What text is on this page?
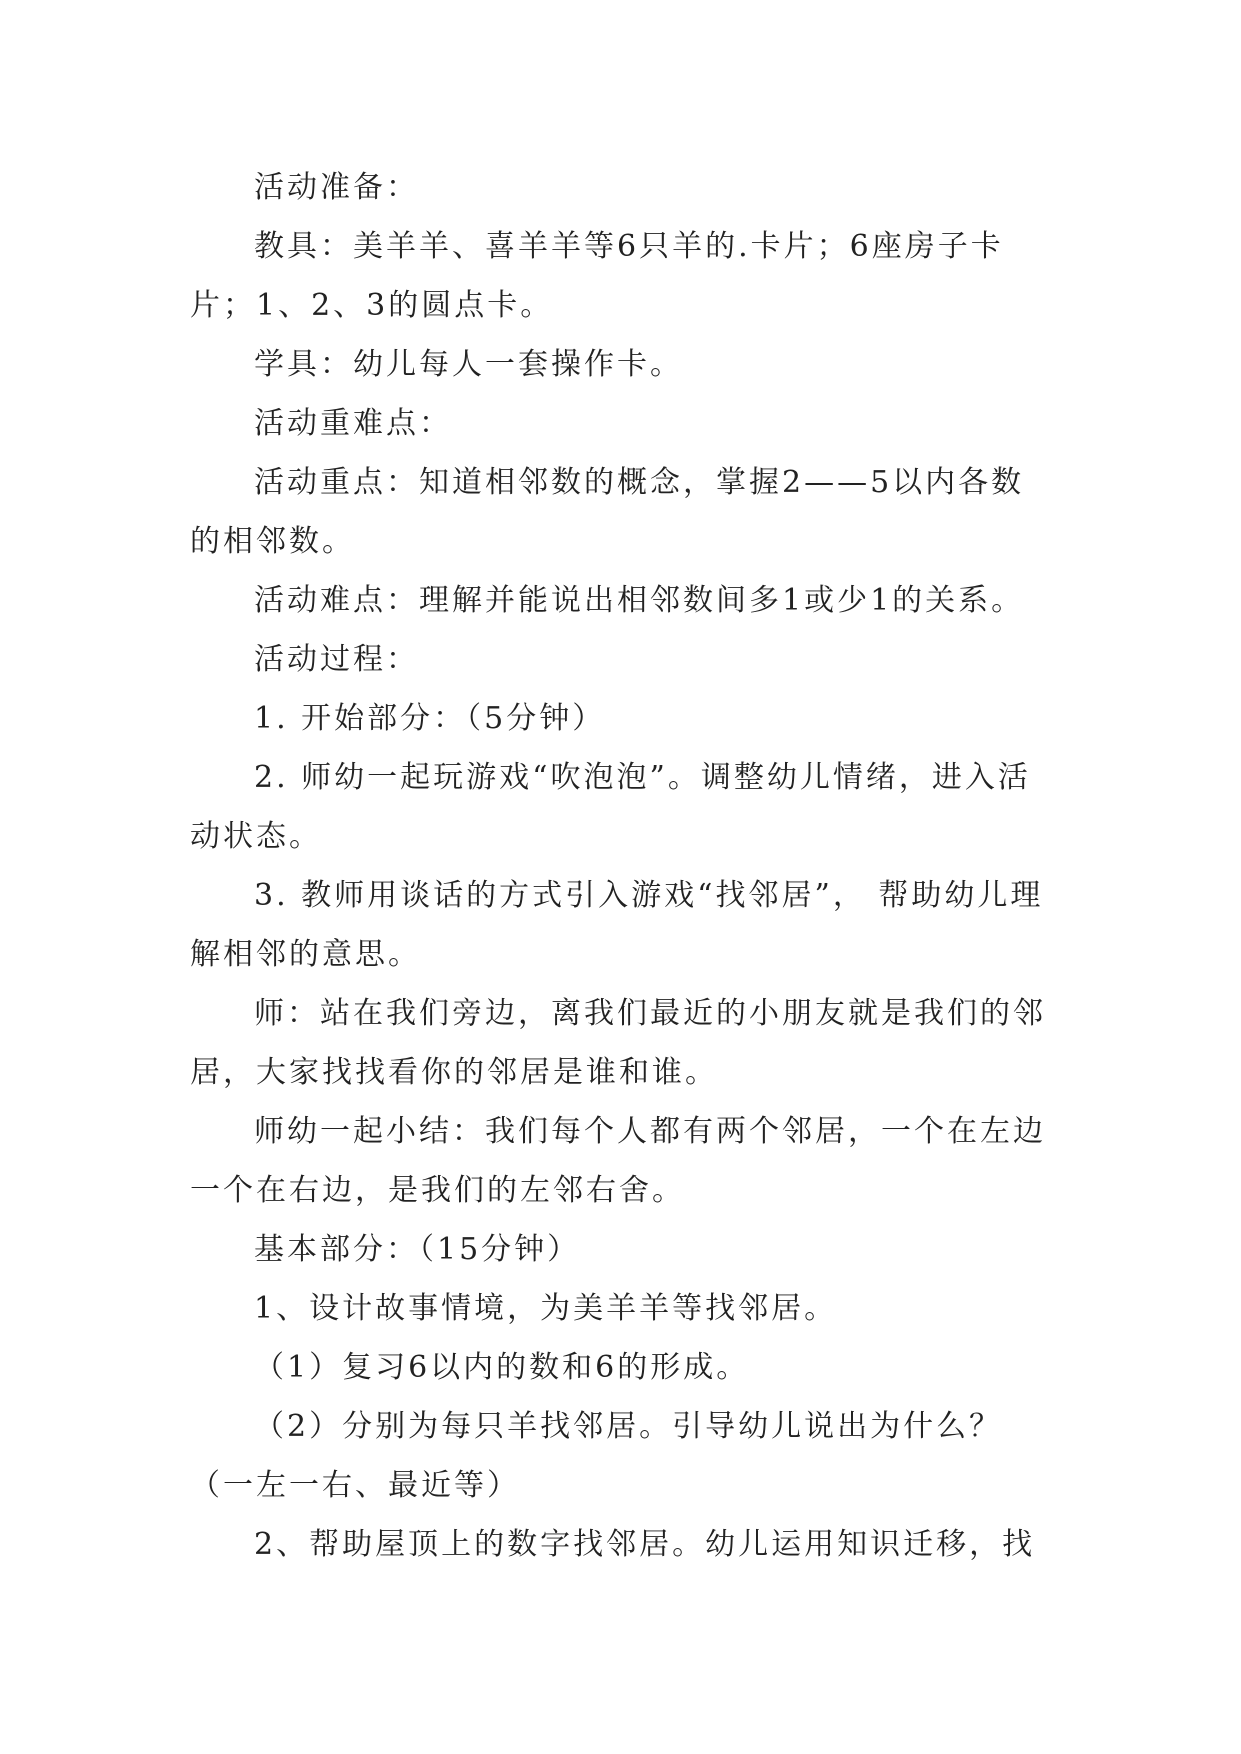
活动准备：

教具：美羊羊、喜羊羊等6只羊的.卡片；6座房子卡片；1、2、3的圆点卡。

学具：幼儿每人一套操作卡。

活动重难点：

活动重点：知道相邻数的概念，掌握2——5以内各数的相邻数。

活动难点：理解并能说出相邻数间多1或少1的关系。

活动过程：

1. 开始部分：（5分钟）

2. 师幼一起玩游戏“吹泡泡”。调整幼儿情绪，进入活动状态。

3. 教师用谈话的方式引入游戏“找邻居”， 帮助幼儿理解相邻的意思。

师：站在我们旁边，离我们最近的小朋友就是我们的邻居，大家找找看你的邻居是谁和谁。

师幼一起小结：我们每个人都有两个邻居，一个在左边一个在右边，是我们的左邻右舍。

基本部分：（15分钟）

1、设计故事情境，为美羊羊等找邻居。

（1）复习6以内的数和6的形成。

（2）分别为每只羊找邻居。引导幼儿说出为什么？（一左一右、最近等）

2、帮助屋顶上的数字找邻居。幼儿运用知识迁移，找
